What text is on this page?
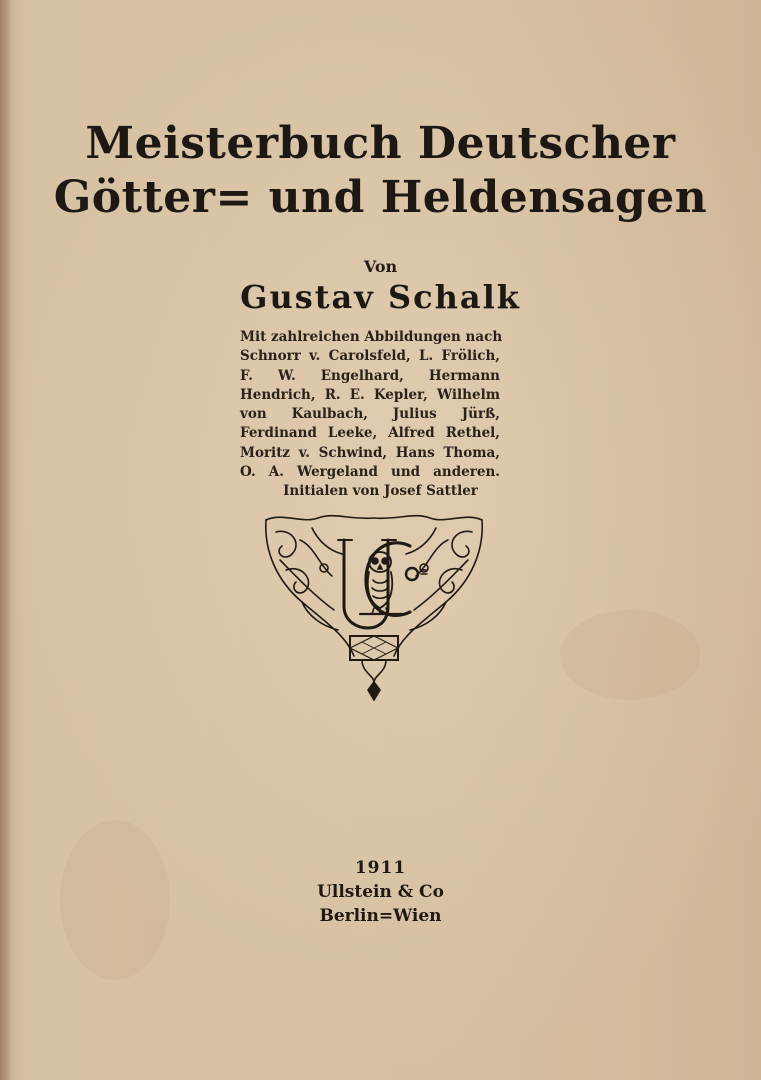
Meisterbuch Deutscher
Götter= und Heldensagen
Von
Gustav Schalk
Mit zahlreichen Abbildungen nach
Schnorr v. Carolsfeld, L. Frölich,
F. W. Engelhard, Hermann
Hendrich, R. E. Kepler, Wilhelm
von Kaulbach, Julius Jürß,
Ferdinand Leeke, Alfred Rethel,
Moritz v. Schwind, Hans Thoma,
O. A. Wergeland und anderen.
Initialen von Josef Sattler
1911
Ullstein & Co
Berlin=Wien
